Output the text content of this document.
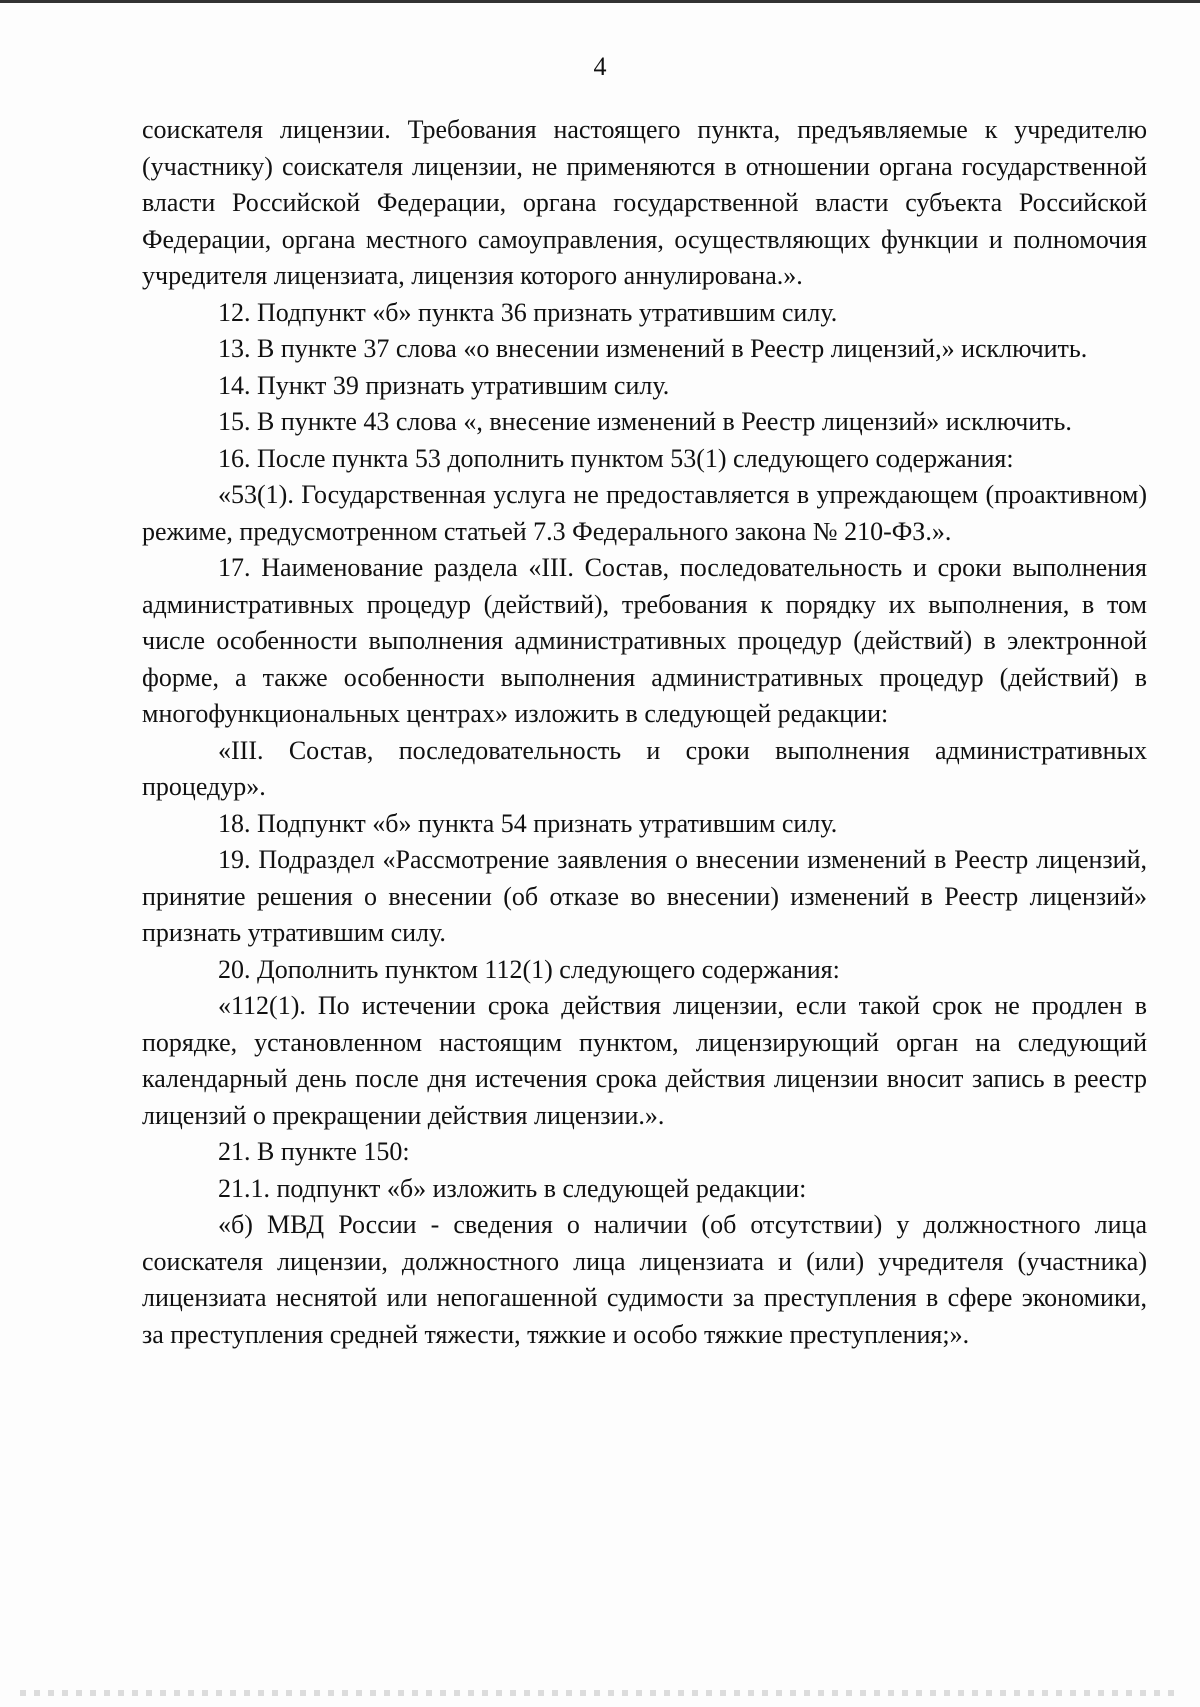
4

соискателя лицензии. Требования настоящего пункта, предъявляемые к учредителю (участнику) соискателя лицензии, не применяются в отношении органа государственной власти Российской Федерации, органа государственной власти субъекта Российской Федерации, органа местного самоуправления, осуществляющих функции и полномочия учредителя лицензиата, лицензия которого аннулирована.».

12. Подпункт «б» пункта 36 признать утратившим силу.

13. В пункте 37 слова «о внесении изменений в Реестр лицензий,» исключить.

14. Пункт 39 признать утратившим силу.

15. В пункте 43 слова «, внесение изменений в Реестр лицензий» исключить.

16. После пункта 53 дополнить пунктом 53(1) следующего содержания:

«53(1). Государственная услуга не предоставляется в упреждающем (проактивном) режиме, предусмотренном статьей 7.3 Федерального закона № 210-ФЗ.».

17. Наименование раздела «III. Состав, последовательность и сроки выполнения административных процедур (действий), требования к порядку их выполнения, в том числе особенности выполнения административных процедур (действий) в электронной форме, а также особенности выполнения административных процедур (действий) в многофункциональных центрах» изложить в следующей редакции:

«III. Состав, последовательность и сроки выполнения административных процедур».

18. Подпункт «б» пункта 54 признать утратившим силу.

19. Подраздел «Рассмотрение заявления о внесении изменений в Реестр лицензий, принятие решения о внесении (об отказе во внесении) изменений в Реестр лицензий» признать утратившим силу.

20. Дополнить пунктом 112(1) следующего содержания:

«112(1). По истечении срока действия лицензии, если такой срок не продлен в порядке, установленном настоящим пунктом, лицензирующий орган на следующий календарный день после дня истечения срока действия лицензии вносит запись в реестр лицензий о прекращении действия лицензии.».

21. В пункте 150:

21.1. подпункт «б» изложить в следующей редакции:

«б) МВД России - сведения о наличии (об отсутствии) у должностного лица соискателя лицензии, должностного лица лицензиата и (или) учредителя (участника) лицензиата неснятой или непогашенной судимости за преступления в сфере экономики, за преступления средней тяжести, тяжкие и особо тяжкие преступления;».
